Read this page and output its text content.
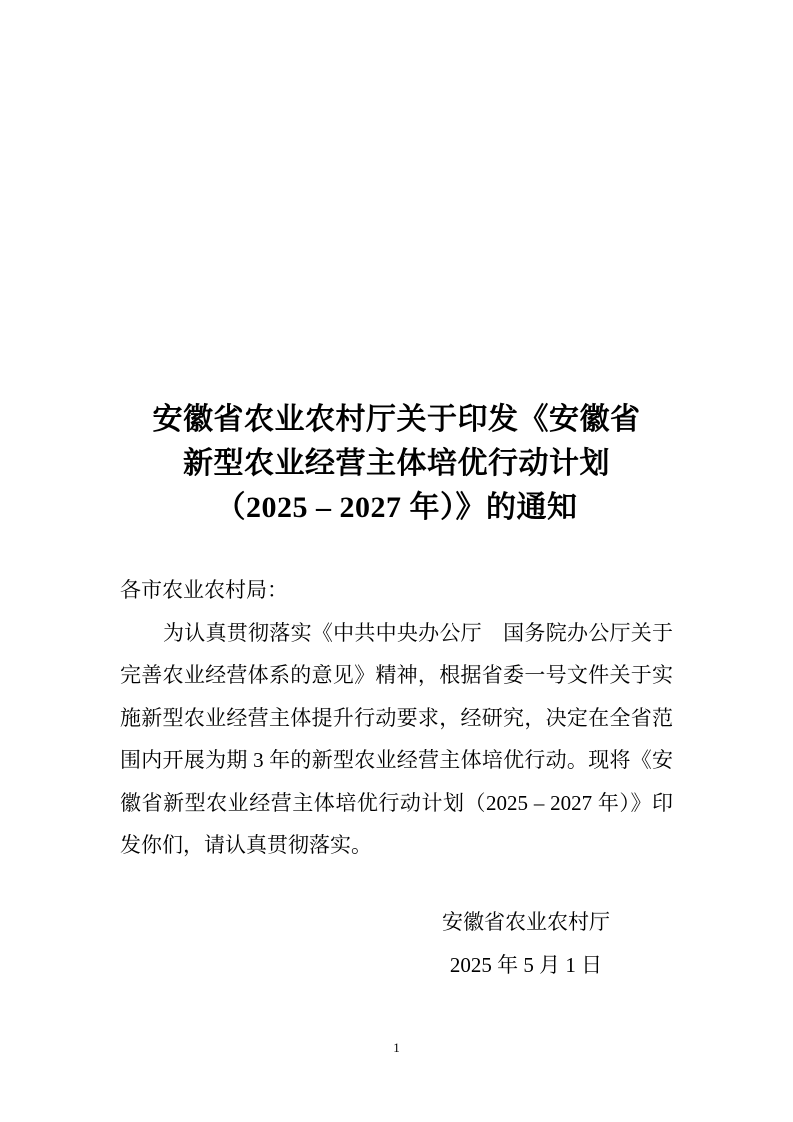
安徽省农业农村厅关于印发《安徽省
新型农业经营主体培优行动计划
（2025 – 2027 年）》的通知
各市农业农村局：
为认真贯彻落实《中共中央办公厅　国务院办公厅关于
完善农业经营体系的意见》精神，根据省委一号文件关于实
施新型农业经营主体提升行动要求，经研究，决定在全省范
围内开展为期 3 年的新型农业经营主体培优行动。现将《安
徽省新型农业经营主体培优行动计划（2025 – 2027 年）》印
发你们，请认真贯彻落实。
安徽省农业农村厅
2025 年 5 月 1 日
1
